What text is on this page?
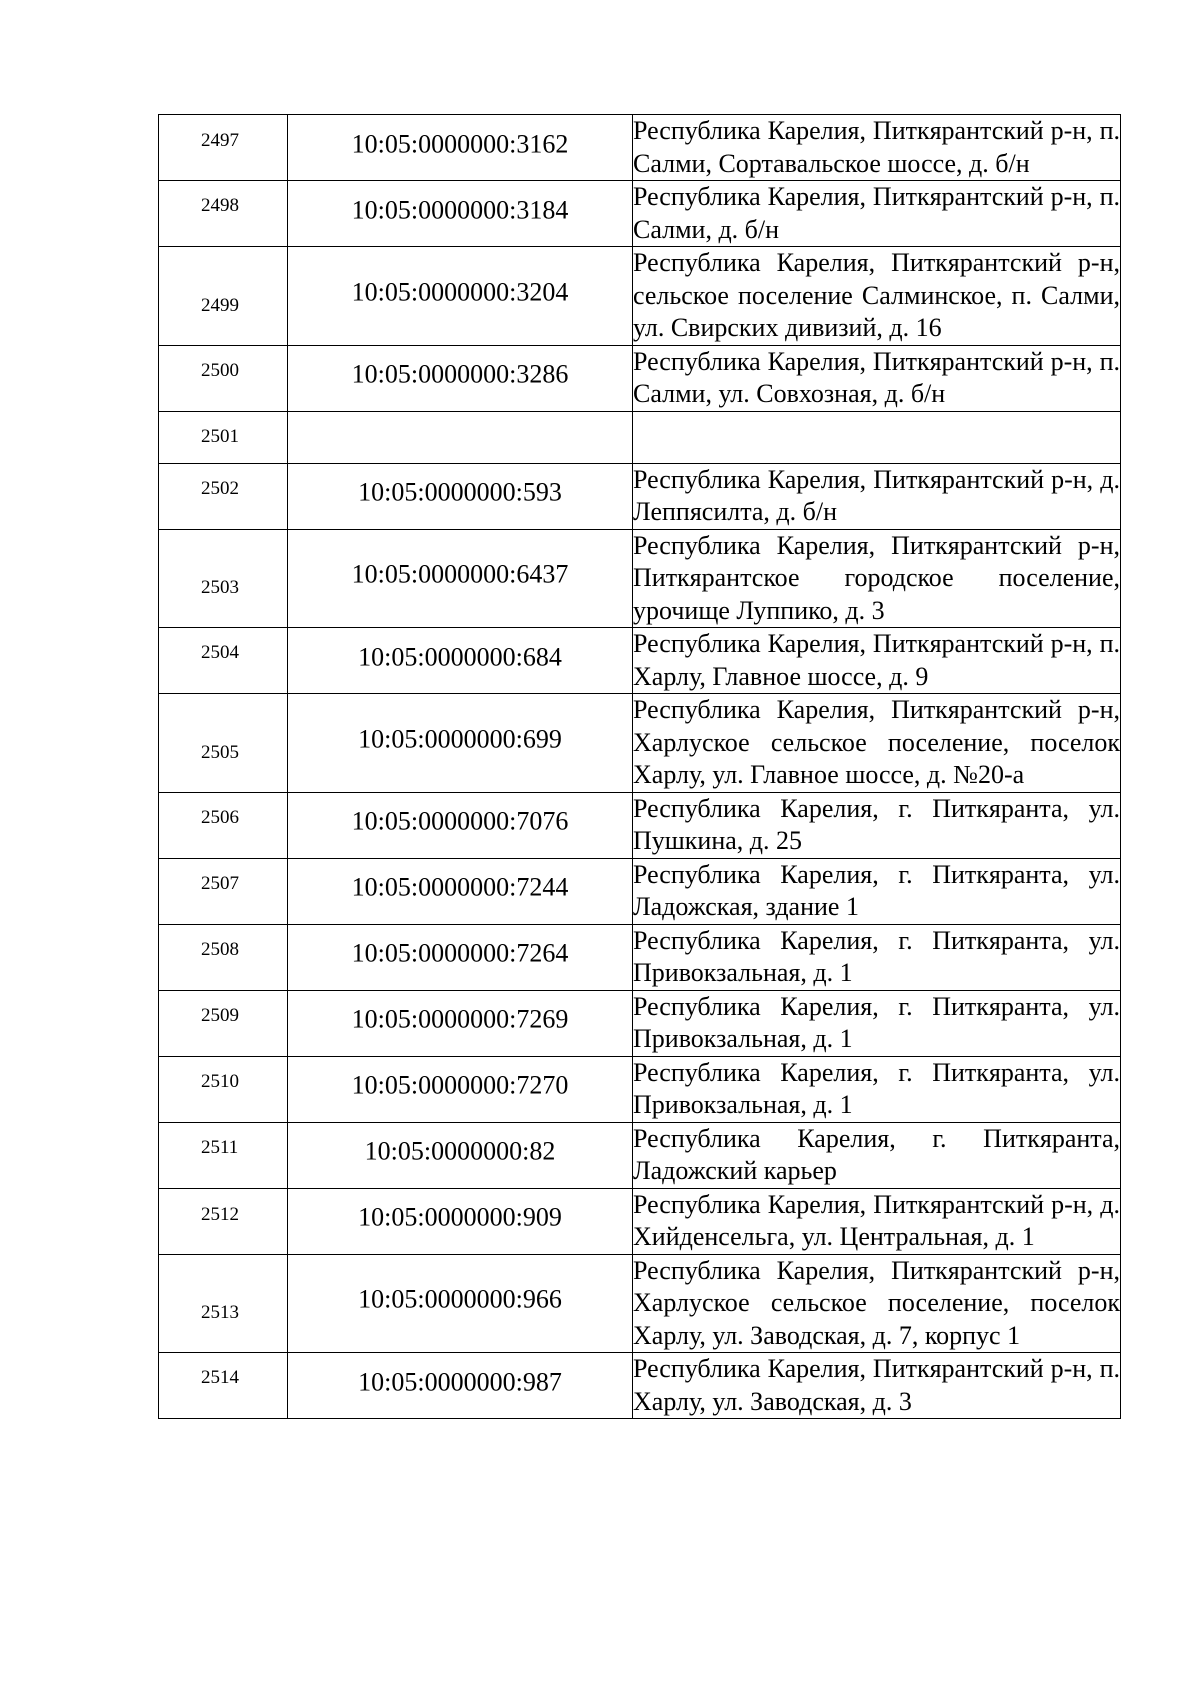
2497	10:05:0000000:3162	Республика Карелия, Питкярантский р-н, п. Салми, Сортавальское шоссе, д. б/н

2498	10:05:0000000:3184	Республика Карелия, Питкярантский р-н, п. Салми, д. б/н

2499	10:05:0000000:3204	Республика Карелия, Питкярантский р-н, сельское поселение Салминское, п. Салми, ул. Свирских дивизий, д. 16

2500	10:05:0000000:3286	Республика Карелия, Питкярантский р-н, п. Салми, ул. Совхозная, д. б/н

2501		

2502	10:05:0000000:593	Республика Карелия, Питкярантский р-н, д. Леппясилта, д. б/н

2503	10:05:0000000:6437	Республика Карелия, Питкярантский р-н, Питкярантское городское поселение, урочище Луппико, д. 3

2504	10:05:0000000:684	Республика Карелия, Питкярантский р-н, п. Харлу, Главное шоссе, д. 9

2505	10:05:0000000:699	Республика Карелия, Питкярантский р-н, Харлуское сельское поселение, поселок Харлу, ул. Главное шоссе, д. №20-а

2506	10:05:0000000:7076	Республика Карелия, г. Питкяранта, ул. Пушкина, д. 25

2507	10:05:0000000:7244	Республика Карелия, г. Питкяранта, ул. Ладожская, здание 1

2508	10:05:0000000:7264	Республика Карелия, г. Питкяранта, ул. Привокзальная, д. 1

2509	10:05:0000000:7269	Республика Карелия, г. Питкяранта, ул. Привокзальная, д. 1

2510	10:05:0000000:7270	Республика Карелия, г. Питкяранта, ул. Привокзальная, д. 1

2511	10:05:0000000:82	Республика Карелия, г. Питкяранта, Ладожский карьер

2512	10:05:0000000:909	Республика Карелия, Питкярантский р-н, д. Хийденсельга, ул. Центральная, д. 1

2513	10:05:0000000:966	Республика Карелия, Питкярантский р-н, Харлуское сельское поселение, поселок Харлу, ул. Заводская, д. 7, корпус 1

2514	10:05:0000000:987	Республика Карелия, Питкярантский р-н, п. Харлу, ул. Заводская, д. 3
